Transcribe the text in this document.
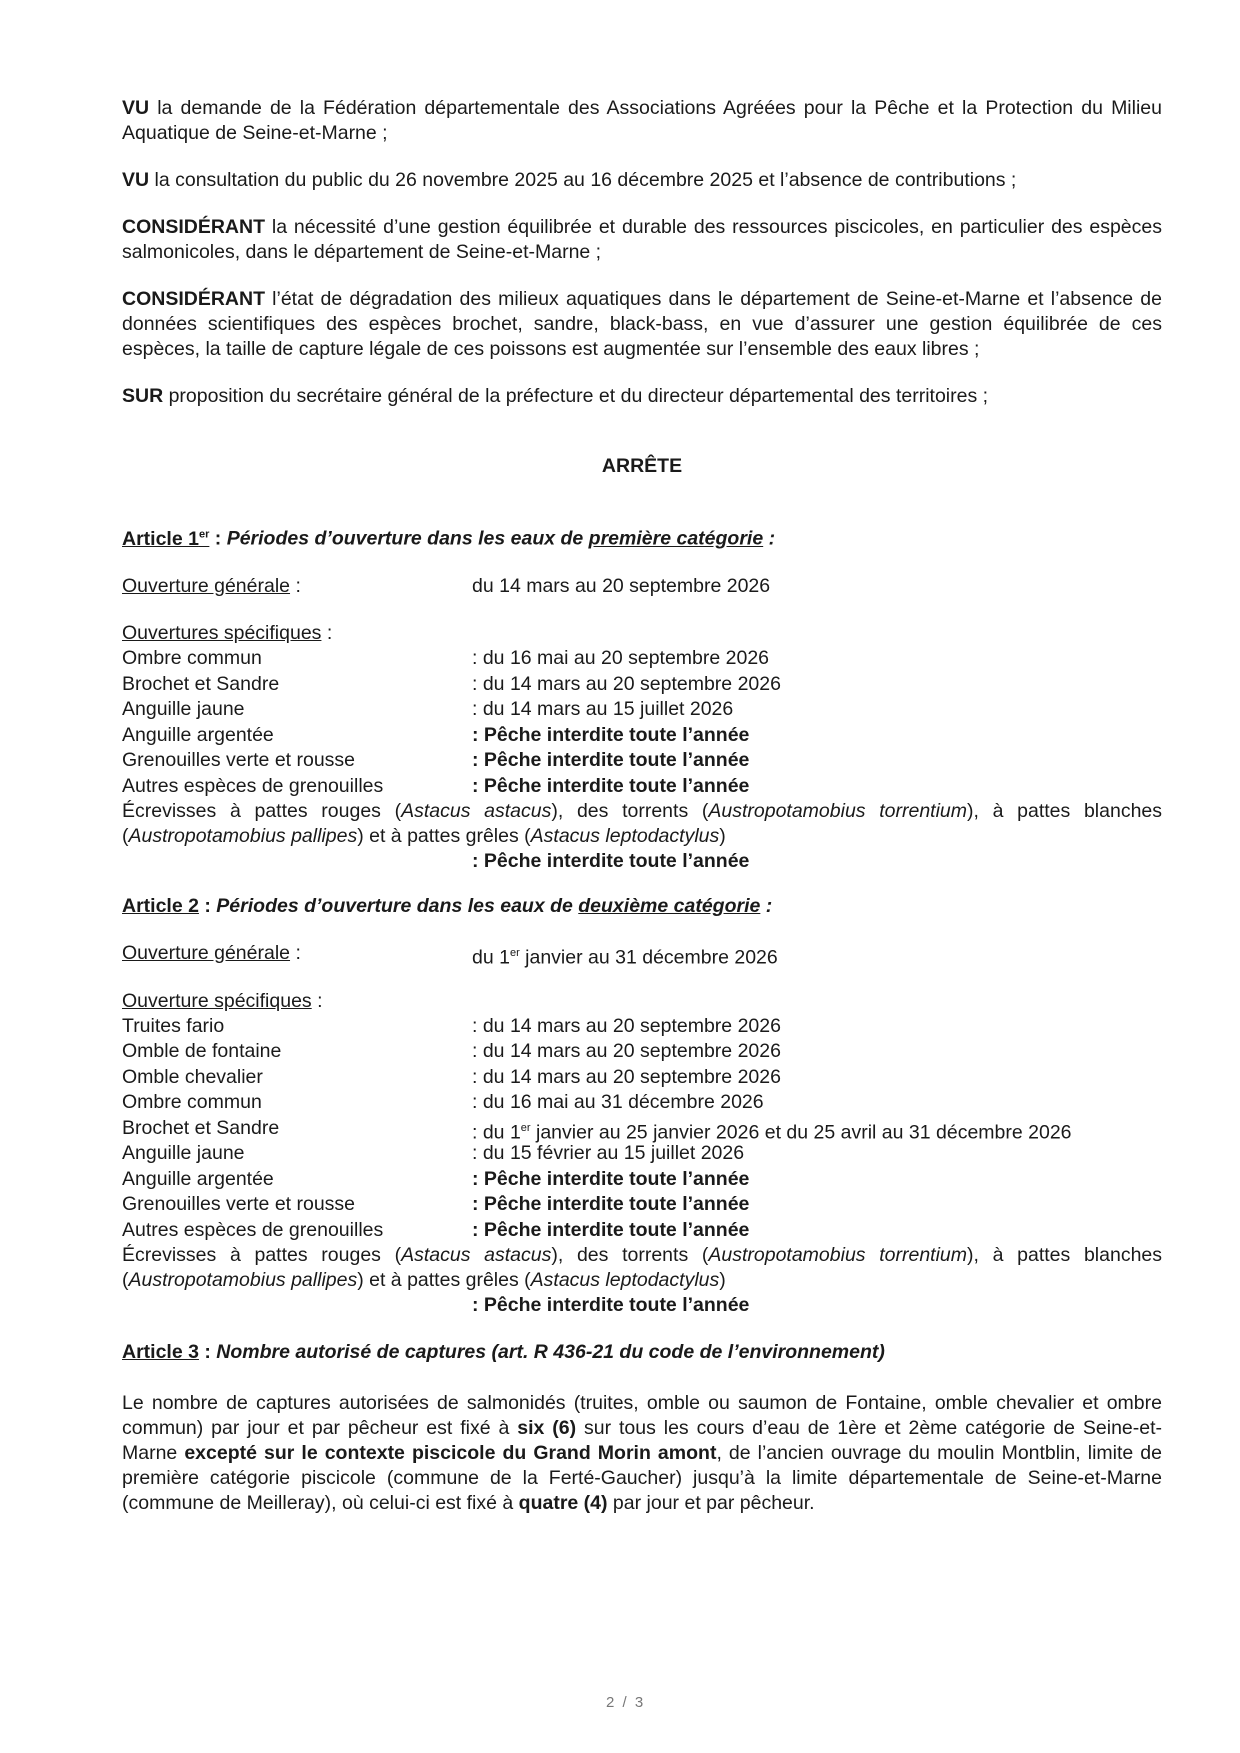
VU la demande de la Fédération départementale des Associations Agréées pour la Pêche et la Protection du Milieu Aquatique de Seine-et-Marne ;

VU la consultation du public du 26 novembre 2025 au 16 décembre 2025 et l’absence de contributions ;

CONSIDÉRANT la nécessité d’une gestion équilibrée et durable des ressources piscicoles, en particulier des espèces salmonicoles, dans le département de Seine-et-Marne ;

CONSIDÉRANT l’état de dégradation des milieux aquatiques dans le département de Seine-et-Marne et l’absence de données scientifiques des espèces brochet, sandre, black-bass, en vue d’assurer une gestion équilibrée de ces espèces, la taille de capture légale de ces poissons est augmentée sur l’ensemble des eaux libres ;

SUR proposition du secrétaire général de la préfecture et du directeur départemental des territoires ;

ARRÊTE
Article 1er : Périodes d’ouverture dans les eaux de première catégorie :
Ouverture générale :	du 14 mars au 20 septembre 2026
Ouvertures spécifiques :
Ombre commun	: du 16 mai au 20 septembre 2026
Brochet et Sandre	: du 14 mars au 20 septembre 2026
Anguille jaune	: du 14 mars au 15 juillet 2026
Anguille argentée	: Pêche interdite toute l’année
Grenouilles verte et rousse	: Pêche interdite toute l’année
Autres espèces de grenouilles	: Pêche interdite toute l’année

Écrevisses à pattes rouges (Astacus astacus), des torrents (Austropotamobius torrentium), à pattes blanches (Austropotamobius pallipes) et à pattes grêles (Astacus leptodactylus)

: Pêche interdite toute l’année
Article 2 : Périodes d’ouverture dans les eaux de deuxième catégorie :
Ouverture générale :	du 1er janvier au 31 décembre 2026
Ouverture spécifiques :
Truites fario	: du 14 mars au 20 septembre 2026
Omble de fontaine	: du 14 mars au 20 septembre 2026
Omble chevalier	: du 14 mars au 20 septembre 2026
Ombre commun	: du 16 mai au 31 décembre 2026
Brochet et Sandre	: du 1er janvier au 25 janvier 2026 et du 25 avril au 31 décembre 2026
Anguille jaune	: du 15 février au 15 juillet 2026
Anguille argentée	: Pêche interdite toute l’année
Grenouilles verte et rousse	: Pêche interdite toute l’année
Autres espèces de grenouilles	: Pêche interdite toute l’année

Écrevisses à pattes rouges (Astacus astacus), des torrents (Austropotamobius torrentium), à pattes blanches (Austropotamobius pallipes) et à pattes grêles (Astacus leptodactylus)

: Pêche interdite toute l’année
Article 3 : Nombre autorisé de captures (art. R 436-21 du code de l’environnement)

Le nombre de captures autorisées de salmonidés (truites, omble ou saumon de Fontaine, omble chevalier et ombre commun) par jour et par pêcheur est fixé à six (6) sur tous les cours d’eau de 1ère et 2ème catégorie de Seine-et-Marne excepté sur le contexte piscicole du Grand Morin amont, de l’ancien ouvrage du moulin Montblin, limite de première catégorie piscicole (commune de la Ferté-Gaucher) jusqu’à la limite départementale de Seine-et-Marne (commune de Meilleray), où celui-ci est fixé à quatre (4) par jour et par pêcheur.

2 / 3
